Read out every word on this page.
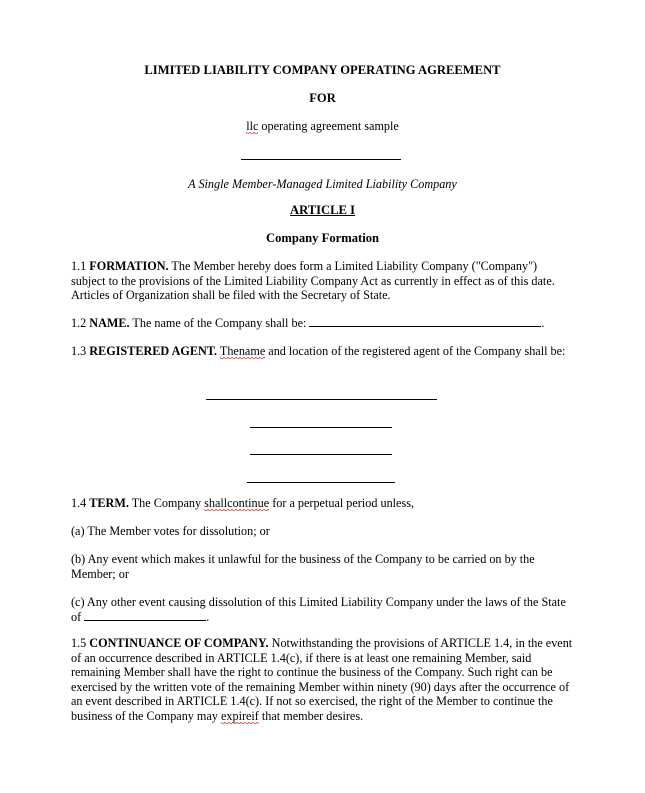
LIMITED LIABILITY COMPANY OPERATING AGREEMENT
FOR
llc operating agreement sample
A Single Member-Managed Limited Liability Company
ARTICLE I
Company Formation
1.1 FORMATION. The Member hereby does form a Limited Liability Company ("Company") subject to the provisions of the Limited Liability Company Act as currently in effect as of this date. Articles of Organization shall be filed with the Secretary of State.
1.2 NAME. The name of the Company shall be:	.
1.3 REGISTERED AGENT. Thename and location of the registered agent of the Company shall be:
1.4 TERM. The Company shallcontinue for a perpetual period unless,
(a) The Member votes for dissolution; or
(b) Any event which makes it unlawful for the business of the Company to be carried on by the Member; or
(c) Any other event causing dissolution of this Limited Liability Company under the laws of the State of	.
1.5 CONTINUANCE OF COMPANY. Notwithstanding the provisions of ARTICLE 1.4, in the event of an occurrence described in ARTICLE 1.4(c), if there is at least one remaining Member, said remaining Member shall have the right to continue the business of the Company. Such right can be exercised by the written vote of the remaining Member within ninety (90) days after the occurrence of an event described in ARTICLE 1.4(c). If not so exercised, the right of the Member to continue the business of the Company may expireif that member desires.
